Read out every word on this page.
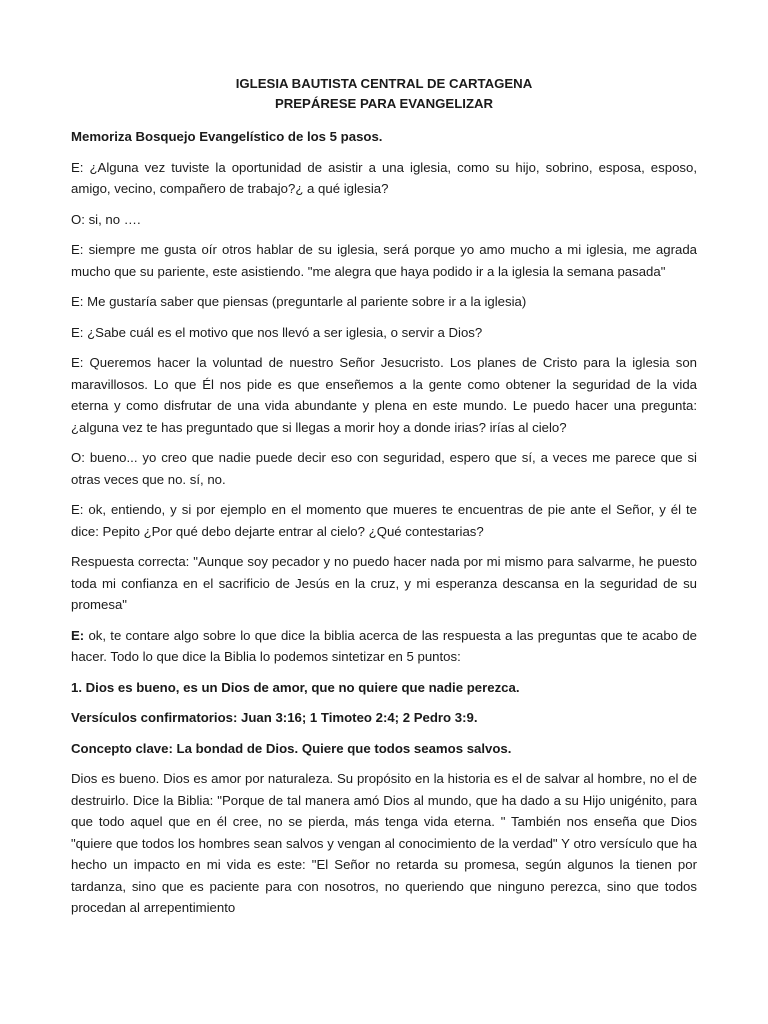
IGLESIA BAUTISTA CENTRAL DE CARTAGENA
PREPÁRESE PARA EVANGELIZAR

Memoriza Bosquejo Evangelístico de los 5 pasos.

E: ¿Alguna vez tuviste la oportunidad de asistir a una iglesia, como su hijo, sobrino, esposa, esposo, amigo, vecino, compañero de trabajo?¿ a qué iglesia?

O: si, no ….

E: siempre me gusta oír otros hablar de su iglesia, será porque yo amo mucho a mi iglesia, me agrada mucho que su pariente, este asistiendo. "me alegra que haya podido ir a la iglesia la semana pasada"

E: Me gustaría saber que piensas (preguntarle al pariente sobre ir a la iglesia)

E: ¿Sabe cuál es el motivo que nos llevó a ser iglesia, o servir a Dios?

E: Queremos hacer la voluntad de nuestro Señor Jesucristo. Los planes de Cristo para la iglesia son maravillosos. Lo que Él nos pide es que enseñemos a la gente como obtener la seguridad de la vida eterna y como disfrutar de una vida abundante y plena en este mundo. Le puedo hacer una pregunta: ¿alguna vez te has preguntado que si llegas a morir hoy a donde irias? irías al cielo?

O: bueno... yo creo que nadie puede decir eso con seguridad, espero que sí, a veces me parece que si otras veces que no. sí, no.

E: ok, entiendo, y si por ejemplo en el momento que mueres te encuentras de pie ante el Señor, y él te dice: Pepito ¿Por qué debo dejarte entrar al cielo? ¿Qué contestarias?

Respuesta correcta: "Aunque soy pecador y no puedo hacer nada por mi mismo para salvarme, he puesto toda mi confianza en el sacrificio de Jesús en la cruz, y mi esperanza descansa en la seguridad de su promesa"

E: ok, te contare algo sobre lo que dice la biblia acerca de las respuesta a las preguntas que te acabo de hacer. Todo lo que dice la Biblia lo podemos sintetizar en 5 puntos:

1. Dios es bueno, es un Dios de amor, que no quiere que nadie perezca.

Versículos confirmatorios: Juan 3:16; 1 Timoteo 2:4; 2 Pedro 3:9.

Concepto clave: La bondad de Dios. Quiere que todos seamos salvos.

Dios es bueno. Dios es amor por naturaleza. Su propósito en la historia es el de salvar al hombre, no el de destruirlo. Dice la Biblia: "Porque de tal manera amó Dios al mundo, que ha dado a su Hijo unigénito, para que todo aquel que en él cree, no se pierda, más tenga vida eterna. " También nos enseña que Dios "quiere que todos los hombres sean salvos y vengan al conocimiento de la verdad" Y otro versículo que ha hecho un impacto en mi vida es este: "El Señor no retarda su promesa, según algunos la tienen por tardanza, sino que es paciente para con nosotros, no queriendo que ninguno perezca, sino que todos procedan al arrepentimiento
